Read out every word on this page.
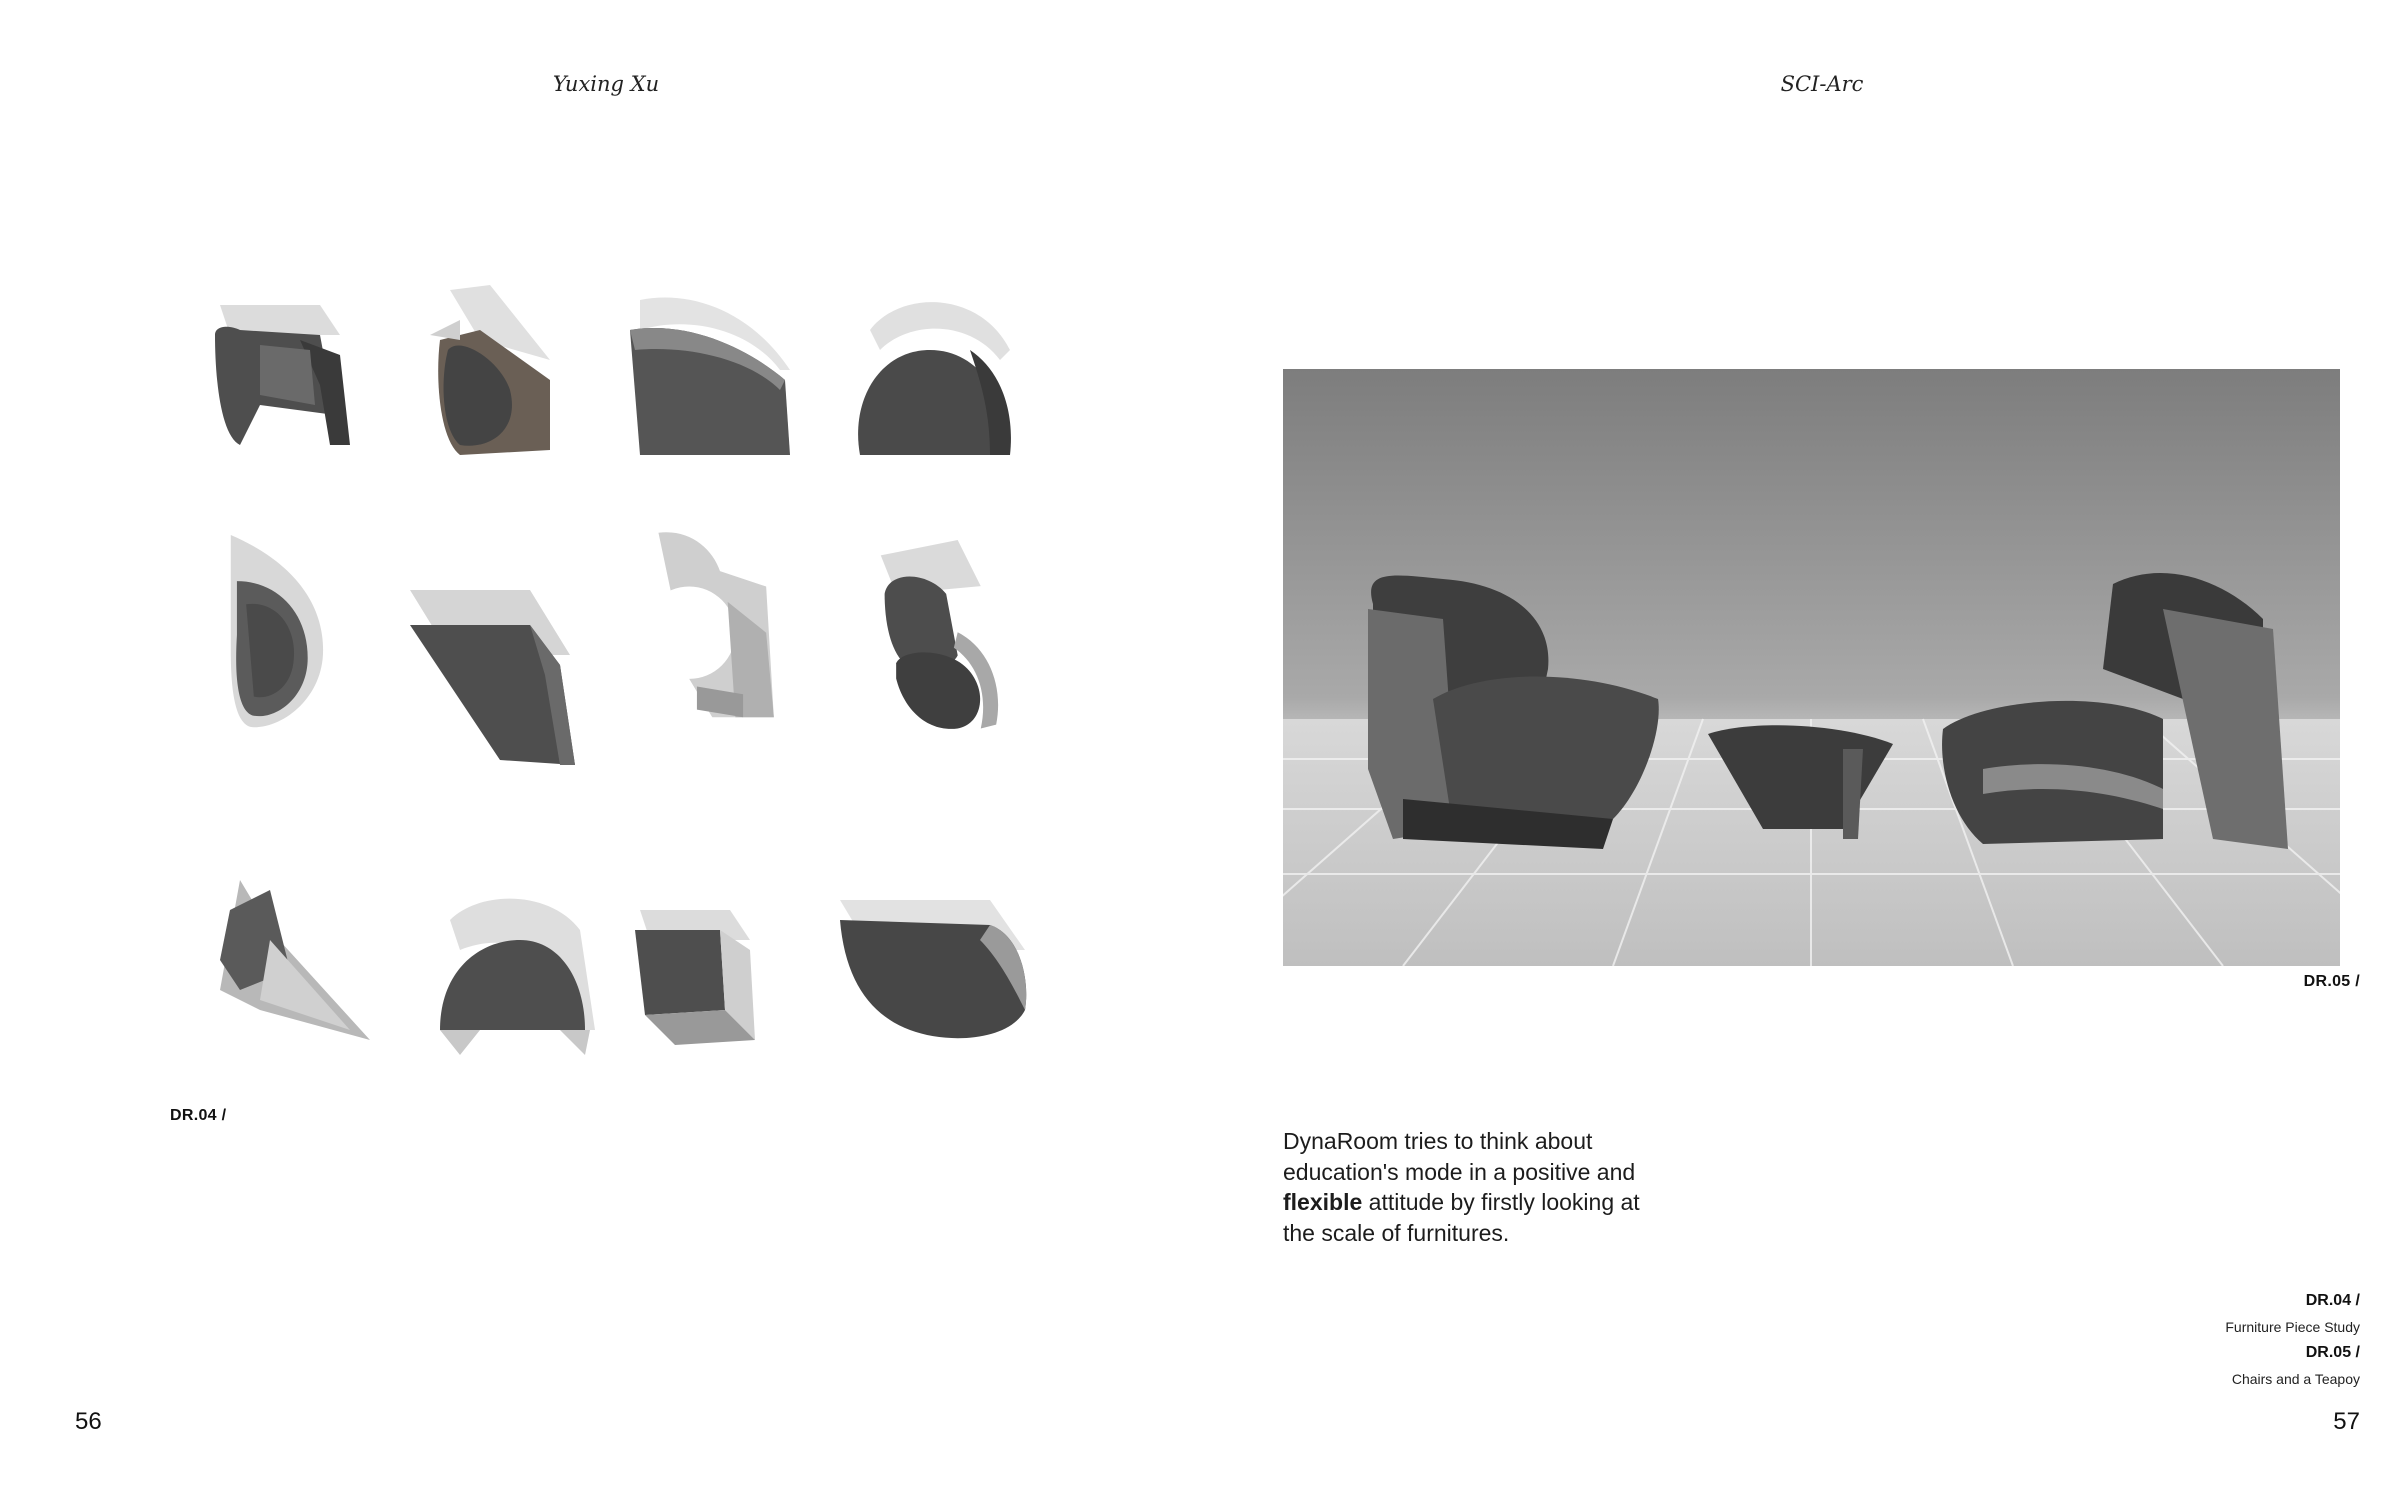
Yuxing Xu	SCI-Arc
DR.04 /
DR.05 /
DynaRoom tries to think about education's mode in a positive and flexible attitude by firstly looking at the scale of furnitures.
DR.04 /
Furniture Piece Study
DR.05 /
Chairs and a Teapoy
56	57
